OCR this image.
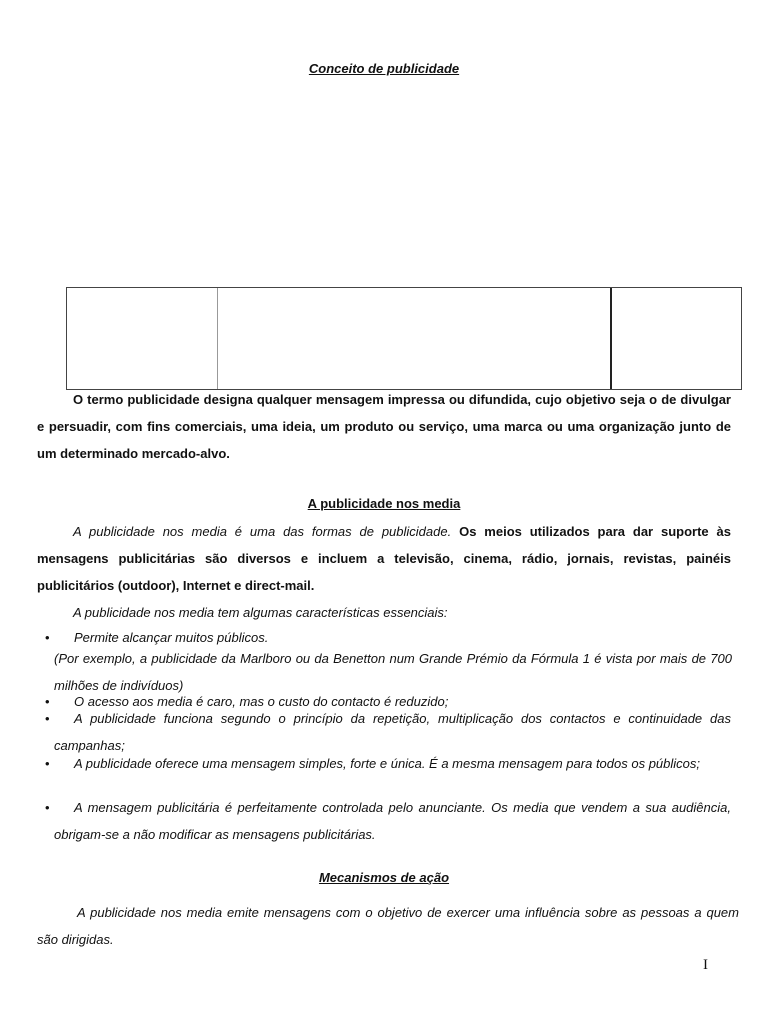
Conceito de publicidade
O termo publicidade designa qualquer mensagem impressa ou difundida, cujo objetivo seja o de divulgar e persuadir, com fins comerciais, uma ideia, um produto ou serviço, uma marca ou uma organização junto de um determinado mercado-alvo.
A publicidade nos media
A publicidade nos media é uma das formas de publicidade. Os meios utilizados para dar suporte às mensagens publicitárias são diversos e incluem a televisão, cinema, rádio, jornais, revistas, painéis publicitários (outdoor), Internet e direct-mail.
A publicidade nos media tem algumas características essenciais:
• Permite alcançar muitos públicos.
(Por exemplo, a publicidade da Marlboro ou da Benetton num Grande Prémio da Fórmula 1 é vista por mais de 700 milhões de indivíduos)
• O acesso aos media é caro, mas o custo do contacto é reduzido;
•	A publicidade funciona segundo o princípio da repetição, multiplicação dos contactos e continuidade das campanhas;
•	A publicidade oferece uma mensagem simples, forte e única. É a mesma mensagem para todos os públicos;
•	A mensagem publicitária é perfeitamente controlada pelo anunciante. Os media que vendem a sua audiência, obrigam-se a não modificar as mensagens publicitárias.
Mecanismos de ação
A publicidade nos media emite mensagens com o objetivo de exercer uma influência sobre as pessoas a quem são dirigidas.
I
